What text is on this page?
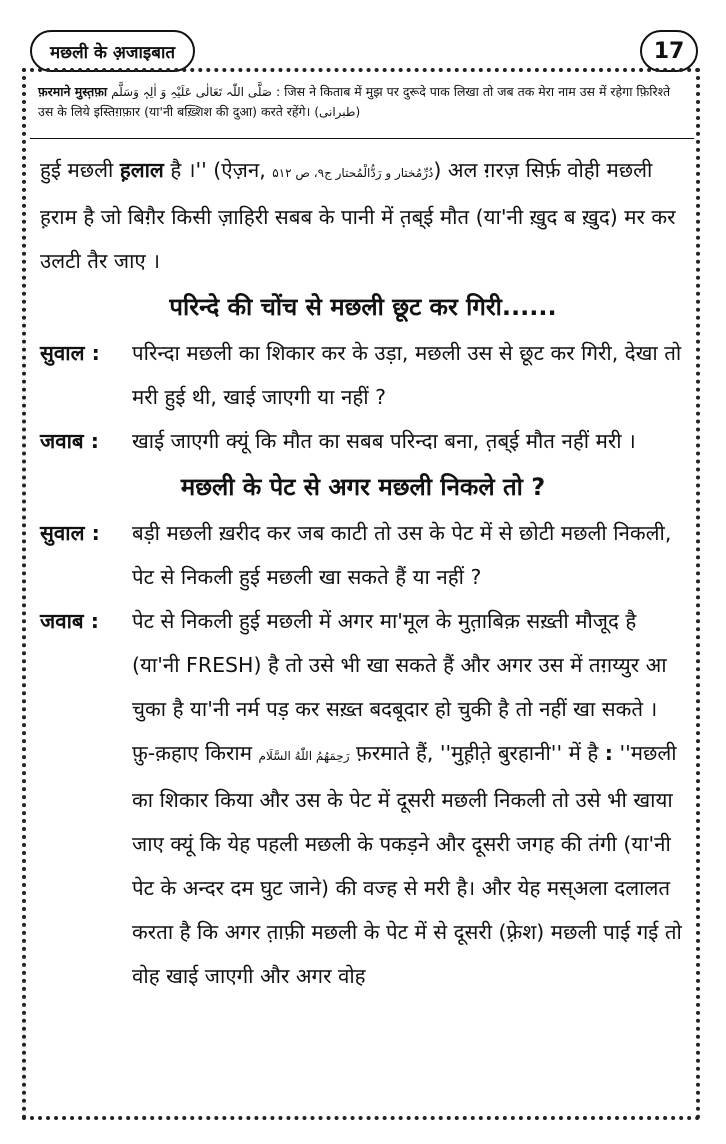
मछली के अ़जाइबात	17
फ़रमाने मुस्त़फ़ा صَلَّی اللّٰہ تَعَالٰی عَلَیْہِ وَ اٰلِہٖ وَسَلَّم : जिस ने किताब में मुझ पर दुरूदे पाक लिखा तो जब तक मेरा नाम उस में रहेगा फ़िरिश्ते उस के लिये इस्तिग़फ़ार (या'नी बख़्शिश की दुआ) करते रहेंगे। (طبرانی)

हुई मछली ह़लाल है ।'' (ऐज़न, دُرِّمُختار و رَدُّالْمُحتار ج۹، ص ۵۱۲) अल ग़रज़ सिर्फ़ वोही मछली ह़राम है जो बिग़ैर किसी ज़ाहिरी सबब के पानी में त़ब्ई मौत (या'नी ख़ुद ब ख़ुद) मर कर उलटी तैर जाए ।

परिन्दे की चोंच से मछली छूट कर गिरी......
सुवाल :	परिन्दा मछली का शिकार कर के उड़ा, मछली उस से छूट कर गिरी, देखा तो मरी हुई थी, खाई जाएगी या नहीं ?
जवाब :	खाई जाएगी क्यूं कि मौत का सबब परिन्दा बना, त़ब्ई मौत नहीं मरी ।
मछली के पेट से अगर मछली निकले तो ?
सुवाल :	बड़ी मछली ख़रीद कर जब काटी तो उस के पेट में से छोटी मछली निकली, पेट से निकली हुई मछली खा सकते हैं या नहीं ?
जवाब :	पेट से निकली हुई मछली में अगर मा'मूल के मुत़ाबिक़ सख़्ती मौजूद है (या'नी FRESH) है तो उसे भी खा सकते हैं और अगर उस में तग़य्युर आ चुका है या'नी नर्म पड़ कर सख़्त बदबूदार हो चुकी है तो नहीं खा सकते । फ़ु-क़हाए किराम رَحِمَهُمُ اللّٰهُ السَّلَام फ़रमाते हैं, ''मुह़ीत़े बुरहानी'' में है : ''मछली का शिकार किया और उस के पेट में दूसरी मछली निकली तो उसे भी खाया जाए क्यूं कि येह पहली मछली के पकड़ने और दूसरी जगह की तंगी (या'नी पेट के अन्दर दम घुट जाने) की वज्ह से मरी है। और येह मस्अला दलालत करता है कि अगर त़ाफ़ी मछली के पेट में से दूसरी (फ़्रेश) मछली पाई गई तो वोह खाई जाएगी और अगर वोह
